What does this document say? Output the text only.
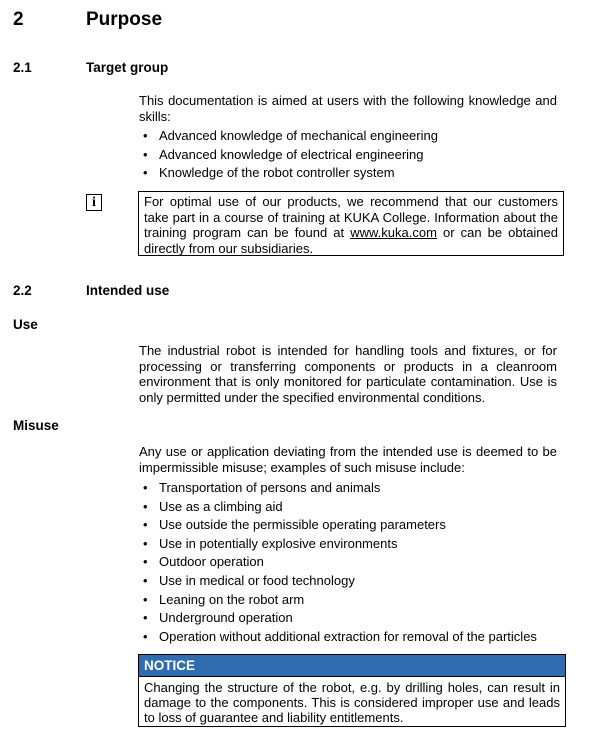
2	Purpose
2.1	Target group
This documentation is aimed at users with the following knowledge and skills:
• Advanced knowledge of mechanical engineering
• Advanced knowledge of electrical engineering
• Knowledge of the robot controller system
i	For optimal use of our products, we recommend that our customers take part in a course of training at KUKA College. Information about the training program can be found at www.kuka.com or can be obtained directly from our subsidiaries.
2.2	Intended use
Use
The industrial robot is intended for handling tools and fixtures, or for processing or transferring components or products in a cleanroom environment that is only monitored for particulate contamination. Use is only permitted under the specified environmental conditions.
Misuse
Any use or application deviating from the intended use is deemed to be impermissible misuse; examples of such misuse include:
• Transportation of persons and animals
• Use as a climbing aid
• Use outside the permissible operating parameters
• Use in potentially explosive environments
• Outdoor operation
• Use in medical or food technology
• Leaning on the robot arm
• Underground operation
• Operation without additional extraction for removal of the particles
NOTICE
Changing the structure of the robot, e.g. by drilling holes, can result in damage to the components. This is considered improper use and leads to loss of guarantee and liability entitlements.
